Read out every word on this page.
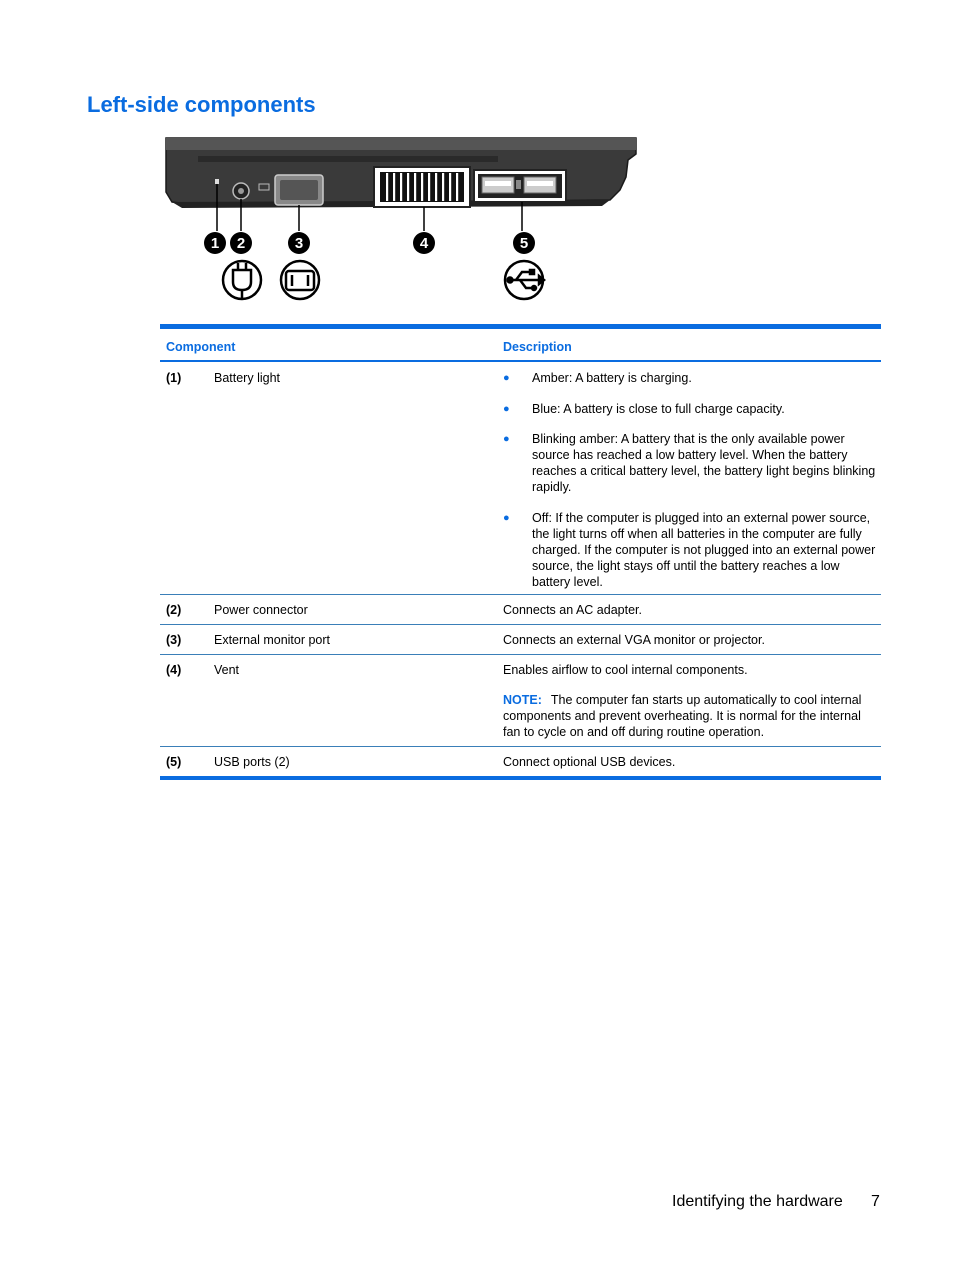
Left-side components
1 2	3	4	5
Component	Description
(1)	Battery light	● Amber: A battery is charging.
● Blue: A battery is close to full charge capacity.
● Blinking amber: A battery that is the only available power source has reached a low battery level. When the battery reaches a critical battery level, the battery light begins blinking rapidly.
● Off: If the computer is plugged into an external power source, the light turns off when all batteries in the computer are fully charged. If the computer is not plugged into an external power source, the light stays off until the battery reaches a low battery level.
(2)	Power connector	Connects an AC adapter.
(3)	External monitor port	Connects an external VGA monitor or projector.
(4)	Vent	Enables airflow to cool internal components.
NOTE: The computer fan starts up automatically to cool internal components and prevent overheating. It is normal for the internal fan to cycle on and off during routine operation.
(5)	USB ports (2)	Connect optional USB devices.
Identifying the hardware 7
